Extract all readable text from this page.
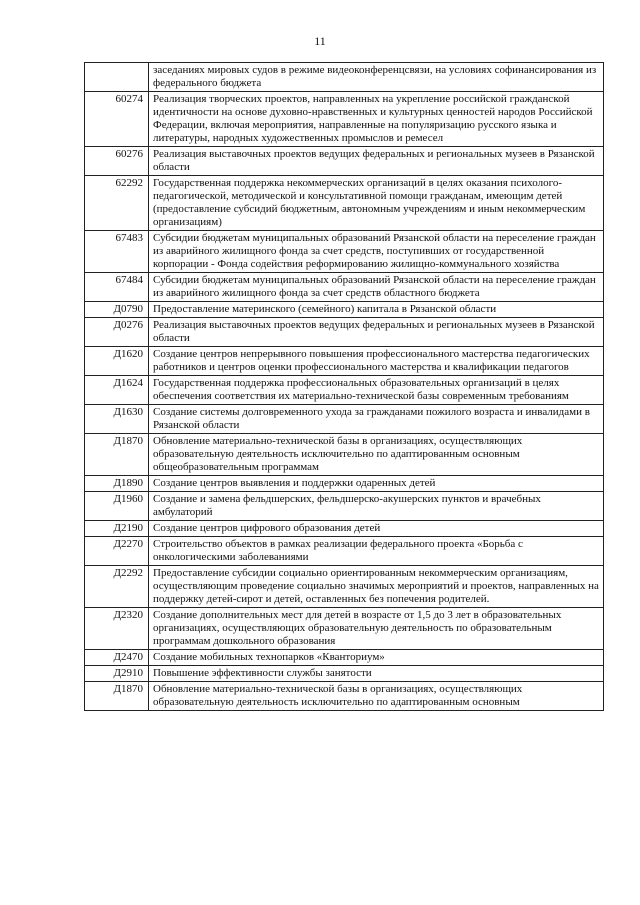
11
	заседаниях мировых судов в режиме видеоконференцсвязи, на условиях софинансирования из федерального бюджета
60274	Реализация творческих проектов, направленных на укрепление российской гражданской идентичности на основе духовно-нравственных и культурных ценностей народов Российской Федерации, включая мероприятия, направленные на популяризацию русского языка и литературы, народных художественных промыслов и ремесел
60276	Реализация выставочных проектов ведущих федеральных и региональных музеев в Рязанской области
62292	Государственная поддержка некоммерческих организаций в целях оказания психолого-педагогической, методической и консультативной помощи гражданам, имеющим детей (предоставление субсидий бюджетным, автономным учреждениям и иным некоммерческим организациям)
67483	Субсидии бюджетам муниципальных образований Рязанской области на переселение граждан из аварийного жилищного фонда за счет средств, поступивших от государственной корпорации - Фонда содействия реформированию жилищно-коммунального хозяйства
67484	Субсидии бюджетам муниципальных образований Рязанской области на переселение граждан из аварийного жилищного фонда за счет средств областного бюджета
Д0790	Предоставление материнского (семейного) капитала в Рязанской области
Д0276	Реализация выставочных проектов ведущих федеральных и региональных музеев в Рязанской области
Д1620	Создание центров непрерывного повышения профессионального мастерства педагогических работников и центров оценки профессионального мастерства и квалификации педагогов
Д1624	Государственная поддержка профессиональных образовательных организаций в целях обеспечения соответствия их материально-технической базы современным требованиям
Д1630	Создание системы долговременного ухода за гражданами пожилого возраста и инвалидами в Рязанской области
Д1870	Обновление материально-технической базы в организациях, осуществляющих образовательную деятельность исключительно по адаптированным основным общеобразовательным программам
Д1890	Создание центров выявления и поддержки одаренных детей
Д1960	Создание и замена фельдшерских, фельдшерско-акушерских пунктов и врачебных амбулаторий
Д2190	Создание центров цифрового образования детей
Д2270	Строительство объектов в рамках реализации федерального проекта «Борьба с онкологическими заболеваниями
Д2292	Предоставление субсидии социально ориентированным некоммерческим организациям, осуществляющим проведение социально значимых мероприятий и проектов, направленных на поддержку детей-сирот и детей, оставленных без попечения родителей.
Д2320	Создание дополнительных мест для детей в возрасте от 1,5 до 3 лет в образовательных организациях, осуществляющих образовательную деятельность по образовательным программам дошкольного образования
Д2470	Создание мобильных технопарков «Кванториум»
Д2910	Повышение эффективности службы занятости
Д1870	Обновление материально-технической базы в организациях, осуществляющих образовательную деятельность исключительно по адаптированным основным
